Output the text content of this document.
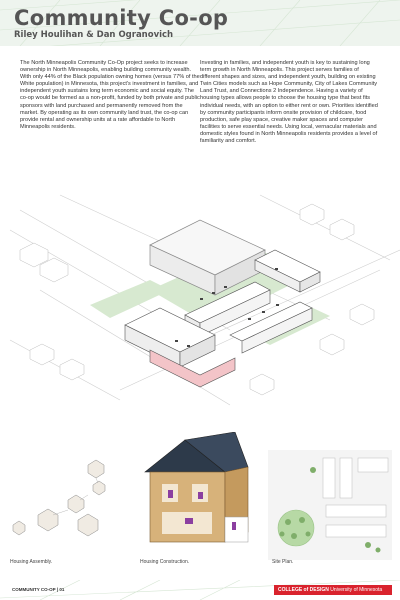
Community Co-op
Riley Houlihan & Dan Ogranovich
The North Minneapolis Community Co-Op project seeks to increase ownership in North Minneapolis, enabling building community wealth. With only 44% of the Black population owning homes (versus 77% of the White population) in Minnesota, this project's investment in families, and independent youth sustains long term economic and social equity. The co-op would be formed as a non-profit, funded by both private and public sponsors with land purchased and permanently removed from the market. By operating as its own community land trust, the co-op can provide rental and ownership units at a rate affordable to North Minneapolis residents.
Investing in families, and independent youth is key to sustaining long term growth in North Minneapolis. This project serves families of different shapes and sizes, and independent youth, building on existing Twin Cities models such as Hope Community, City of Lakes Community Land Trust, and Connections 2 Independence. Having a variety of housing types allows people to choose the housing type that best fits individual needs, with an option to either rent or own. Priorities identified by community participants inform onsite provision of childcare, food production, safe play space, creative maker spaces and computer facilities to serve essential needs. Using local, vernacular materials and domestic styles found in North Minneapolis residents provides a level of familiarity and comfort.
Housing Assembly.	Housing Construction.	Site Plan.
COMMUNITY CO-OP | 01	COLLEGE of DESIGN University of Minnesota
